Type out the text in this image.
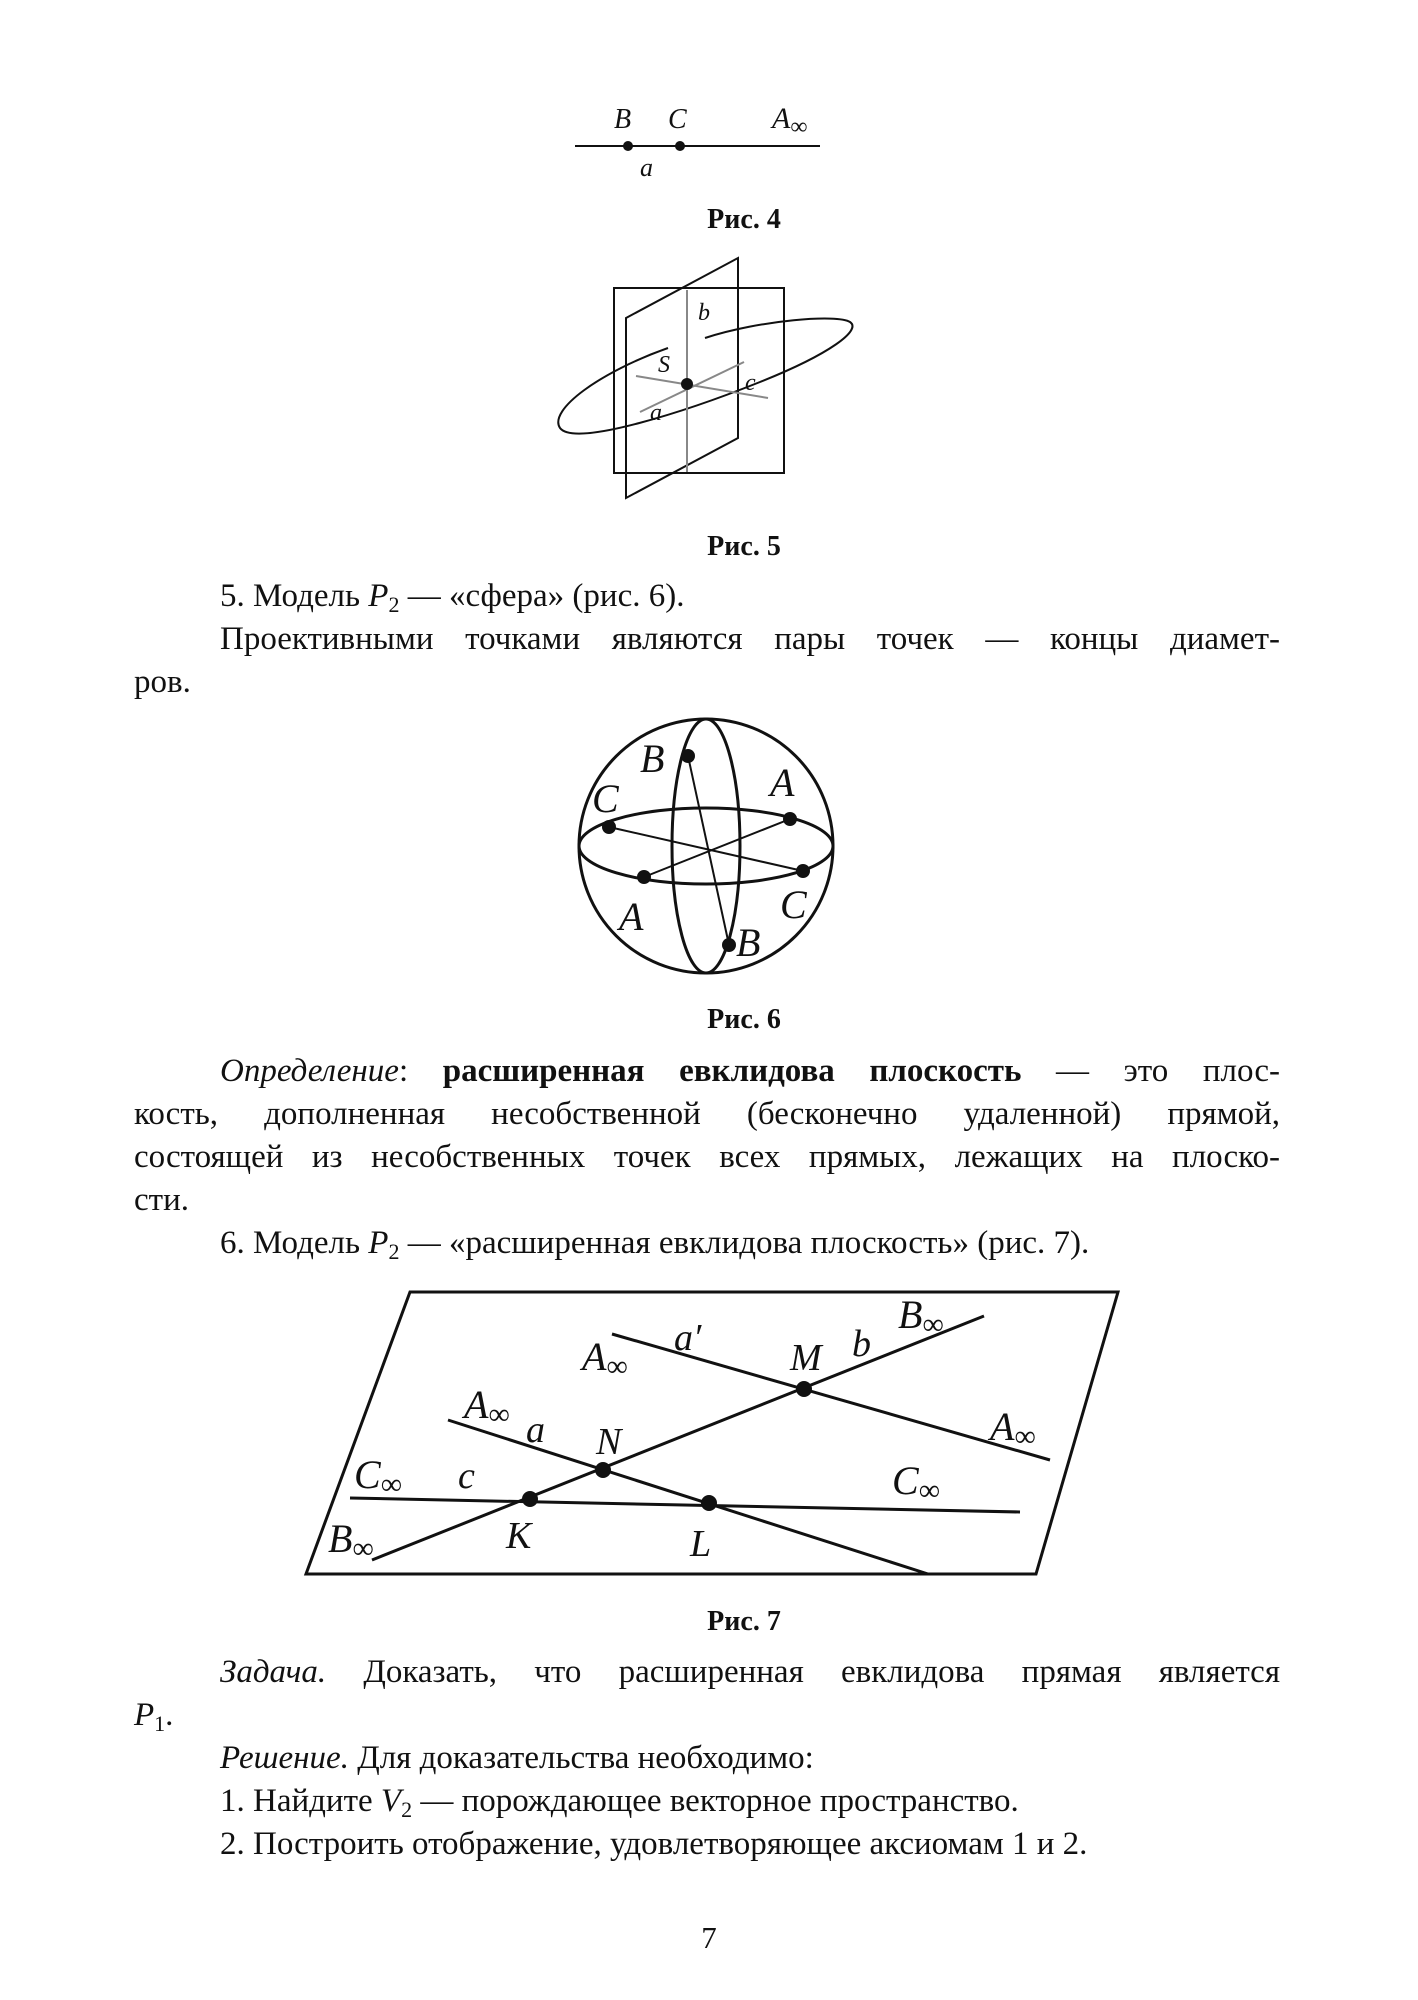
B C	$A_\infty$
a
Рис. 4
b
S
c
a
Рис. 5
5. Модель $P_2$ — «сфера» (рис. 6).
Проективными точками являются пары точек — концы диамет-
ров.
B
C	A
A	C
B
Рис. 6
Определение: расширенная евклидова плоскость — это плос-
кость, дополненная несобственной (бесконечно удаленной) прямой,
состоящей из несобственных точек всех прямых, лежащих на плоско-
сти.
6. Модель $P_2$ — «расширенная евклидова плоскость» (рис. 7).
A∞
a′ M b
B∞
A∞ a N	A∞
C∞ c	C∞
B∞	K	L
Рис. 7
Задача. Доказать, что расширенная евклидова прямая является
$P_1$.
Решение. Для доказательства необходимо:
1. Найдите $V_2$ — порождающее векторное пространство.
2. Построить отображение, удовлетворяющее аксиомам 1 и 2.
7
